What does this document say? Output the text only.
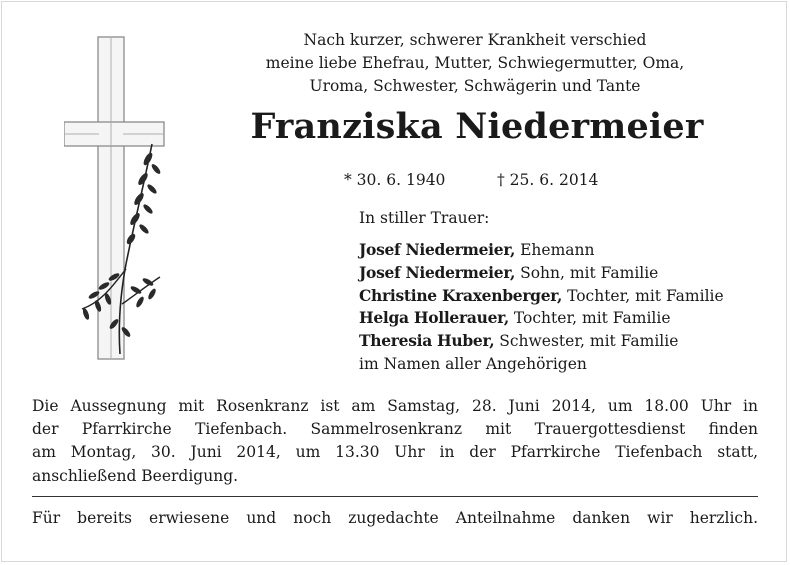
Nach kurzer, schwerer Krankheit verschied
meine liebe Ehefrau, Mutter, Schwiegermutter, Oma,
Uroma, Schwester, Schwägerin und Tante
Franziska Niedermeier
* 30. 6. 1940	† 25. 6. 2014
In stiller Trauer:
Josef Niedermeier, Ehemann
Josef Niedermeier, Sohn, mit Familie
Christine Kraxenberger, Tochter, mit Familie
Helga Hollerauer, Tochter, mit Familie
Theresia Huber, Schwester, mit Familie
im Namen aller Angehörigen
Die Aussegnung mit Rosenkranz ist am Samstag, 28. Juni 2014, um 18.00 Uhr in
der Pfarrkirche Tiefenbach. Sammelrosenkranz mit Trauergottesdienst finden
am Montag, 30. Juni 2014, um 13.30 Uhr in der Pfarrkirche Tiefenbach statt,
anschließend Beerdigung.
Für bereits erwiesene und noch zugedachte Anteilnahme danken wir herzlich.
